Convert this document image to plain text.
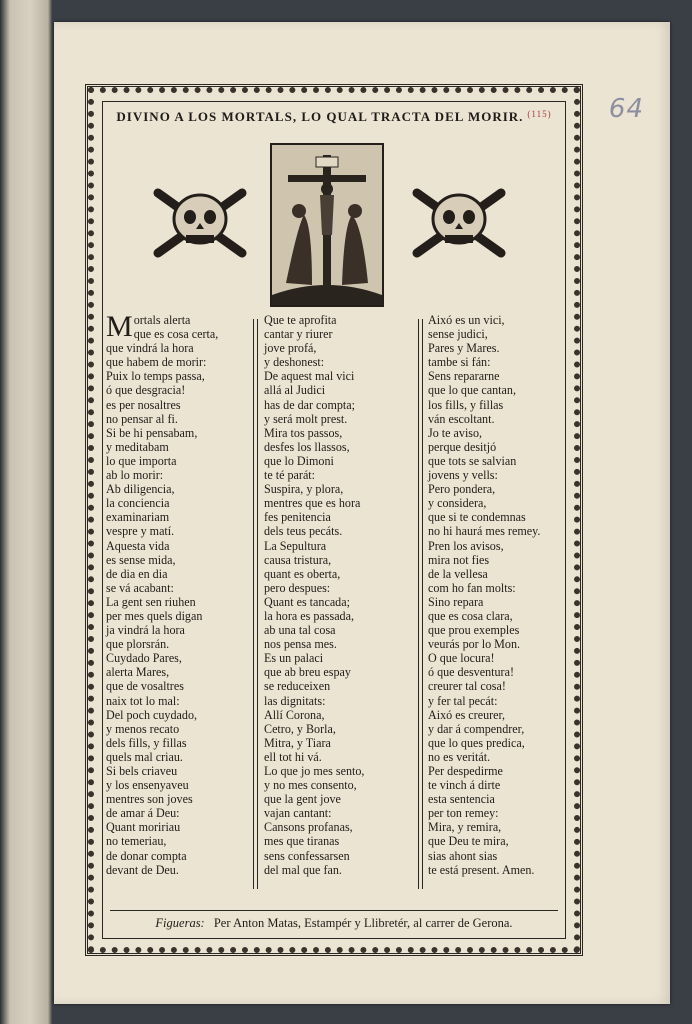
64
DIVINO A LOS MORTALS, LO QUAL TRACTA DEL MORIR. $^{(115)}$
M ortals alerta
que es cosa certa,
que vindrá la hora
que habem de morir:
Puix lo temps passa,
ó que desgracia!
es per nosaltres
no pensar al fi.
Si be hi pensabam,
y meditabam
lo que importa
ab lo morir:
Ab diligencia,
la conciencia
examinariam
vespre y matí.
Aquesta vida
es sense mida,
de dia en dia
se vá acabant:
La gent sen riuhen
per mes quels digan
ja vindrá la hora
que plorsrán.
Cuydado Pares,
alerta Mares,
que de vosaltres
naix tot lo mal:
Del poch cuydado,
y menos recato
dels fills, y fillas
quels mal criau.
Si bels criaveu
y los ensenyaveu
mentres son joves
de amar á Deu:
Quant moririau
no temeriau,
de donar compta
devant de Deu.
Que te aprofita
cantar y riurer
jove profá,
y deshonest:
De aquest mal vici
allá al Judici
has de dar compta;
y será molt prest.
Mira tos passos,
desfes los llassos,
que lo Dimoni
te té parát:
Suspira, y plora,
mentres que es hora
fes penitencia
dels teus pecáts.
La Sepultura
causa tristura,
quant es oberta,
pero despues:
Quant es tancada;
la hora es passada,
ab una tal cosa
nos pensa mes.
Es un palaci
que ab breu espay
se reduceixen
las dignitats:
Allí Corona,
Cetro, y Borla,
Mitra, y Tiara
ell tot hi vá.
Lo que jo mes sento,
y no mes consento,
que la gent jove
vajan cantant:
Cansons profanas,
mes que tiranas
sens confessarsen
del mal que fan.
Aixó es un vici,
sense judici,
Pares y Mares.
tambe si fán:
Sens repararne
que lo que cantan,
los fills, y fillas
ván escoltant.
Jo te aviso,
perque desitjó
que tots se salvian
jovens y vells:
Pero pondera,
y considera,
que si te condemnas
no hi haurá mes remey.
Pren los avisos,
mira not fies
de la vellesa
com ho fan molts:
Sino repara
que es cosa clara,
que prou exemples
veurás por lo Mon.
O que locura!
ó que desventura!
creurer tal cosa!
y fer tal pecát:
Aixó es creurer,
y dar á compendrer,
que lo ques predica,
no es veritát.
Per despedirme
te vinch á dirte
esta sentencia
per ton remey:
Mira, y remira,
que Deu te mira,
sias ahont sias
te está present. Amen.
Figueras: Per Anton Matas, Estampér y Llibretér, al carrer de Gerona.
